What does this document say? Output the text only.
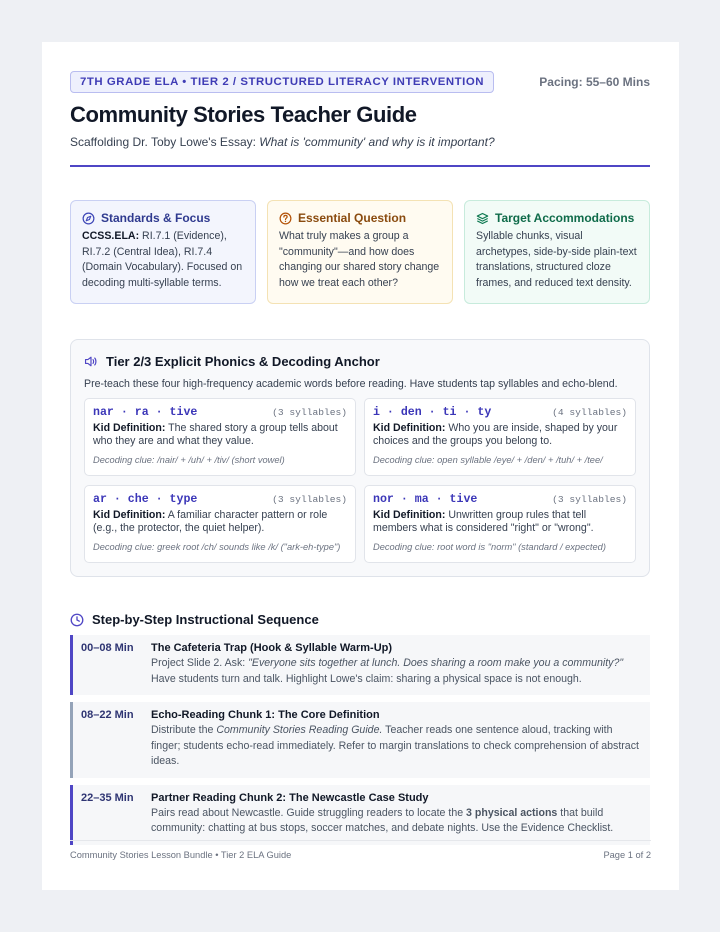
7TH GRADE ELA • TIER 2 / STRUCTURED LITERACY INTERVENTION	Pacing: 55–60 Mins
Community Stories Teacher Guide

Scaffolding Dr. Toby Lowe's Essay: What is 'community' and why is it important?

Standards & Focus

CCSS.ELA: RI.7.1 (Evidence), RI.7.2 (Central Idea), RI.7.4 (Domain Vocabulary). Focused on decoding multi-syllable terms.

Essential Question

What truly makes a group a "community"—and how does changing our shared story change how we treat each other?

Target Accommodations

Syllable chunks, visual archetypes, side-by-side plain-text translations, structured cloze frames, and reduced text density.

Tier 2/3 Explicit Phonics & Decoding Anchor

Pre-teach these four high-frequency academic words before reading. Have students tap syllables and echo-blend.

nar · ra · tive	(3 syllables)

Kid Definition: The shared story a group tells about who they are and what they value.

Decoding clue: /nair/ + /uh/ + /tiv/ (short vowel)

i · den · ti · ty	(4 syllables)

Kid Definition: Who you are inside, shaped by your choices and the groups you belong to.

Decoding clue: open syllable /eye/ + /den/ + /tuh/ + /tee/

ar · che · type	(3 syllables)

Kid Definition: A familiar character pattern or role (e.g., the protector, the quiet helper).

Decoding clue: greek root /ch/ sounds like /k/ ("ark-eh-type")

nor · ma · tive	(3 syllables)

Kid Definition: Unwritten group rules that tell members what is considered "right" or "wrong".

Decoding clue: root word is "norm" (standard / expected)

Step-by-Step Instructional Sequence
00–08 Min	The Cafeteria Trap (Hook & Syllable Warm-Up)

Project Slide 2. Ask: "Everyone sits together at lunch. Does sharing a room make you a community?" Have students turn and talk. Highlight Lowe's claim: sharing a physical space is not enough.

08–22 Min	Echo-Reading Chunk 1: The Core Definition

Distribute the Community Stories Reading Guide. Teacher reads one sentence aloud, tracking with finger; students echo-read immediately. Refer to margin translations to check comprehension of abstract ideas.

22–35 Min	Partner Reading Chunk 2: The Newcastle Case Study

Pairs read about Newcastle. Guide struggling readers to locate the 3 physical actions that build community: chatting at bus stops, soccer matches, and debate nights. Use the Evidence Checklist.

Community Stories Lesson Bundle • Tier 2 ELA Guide	Page 1 of 2
